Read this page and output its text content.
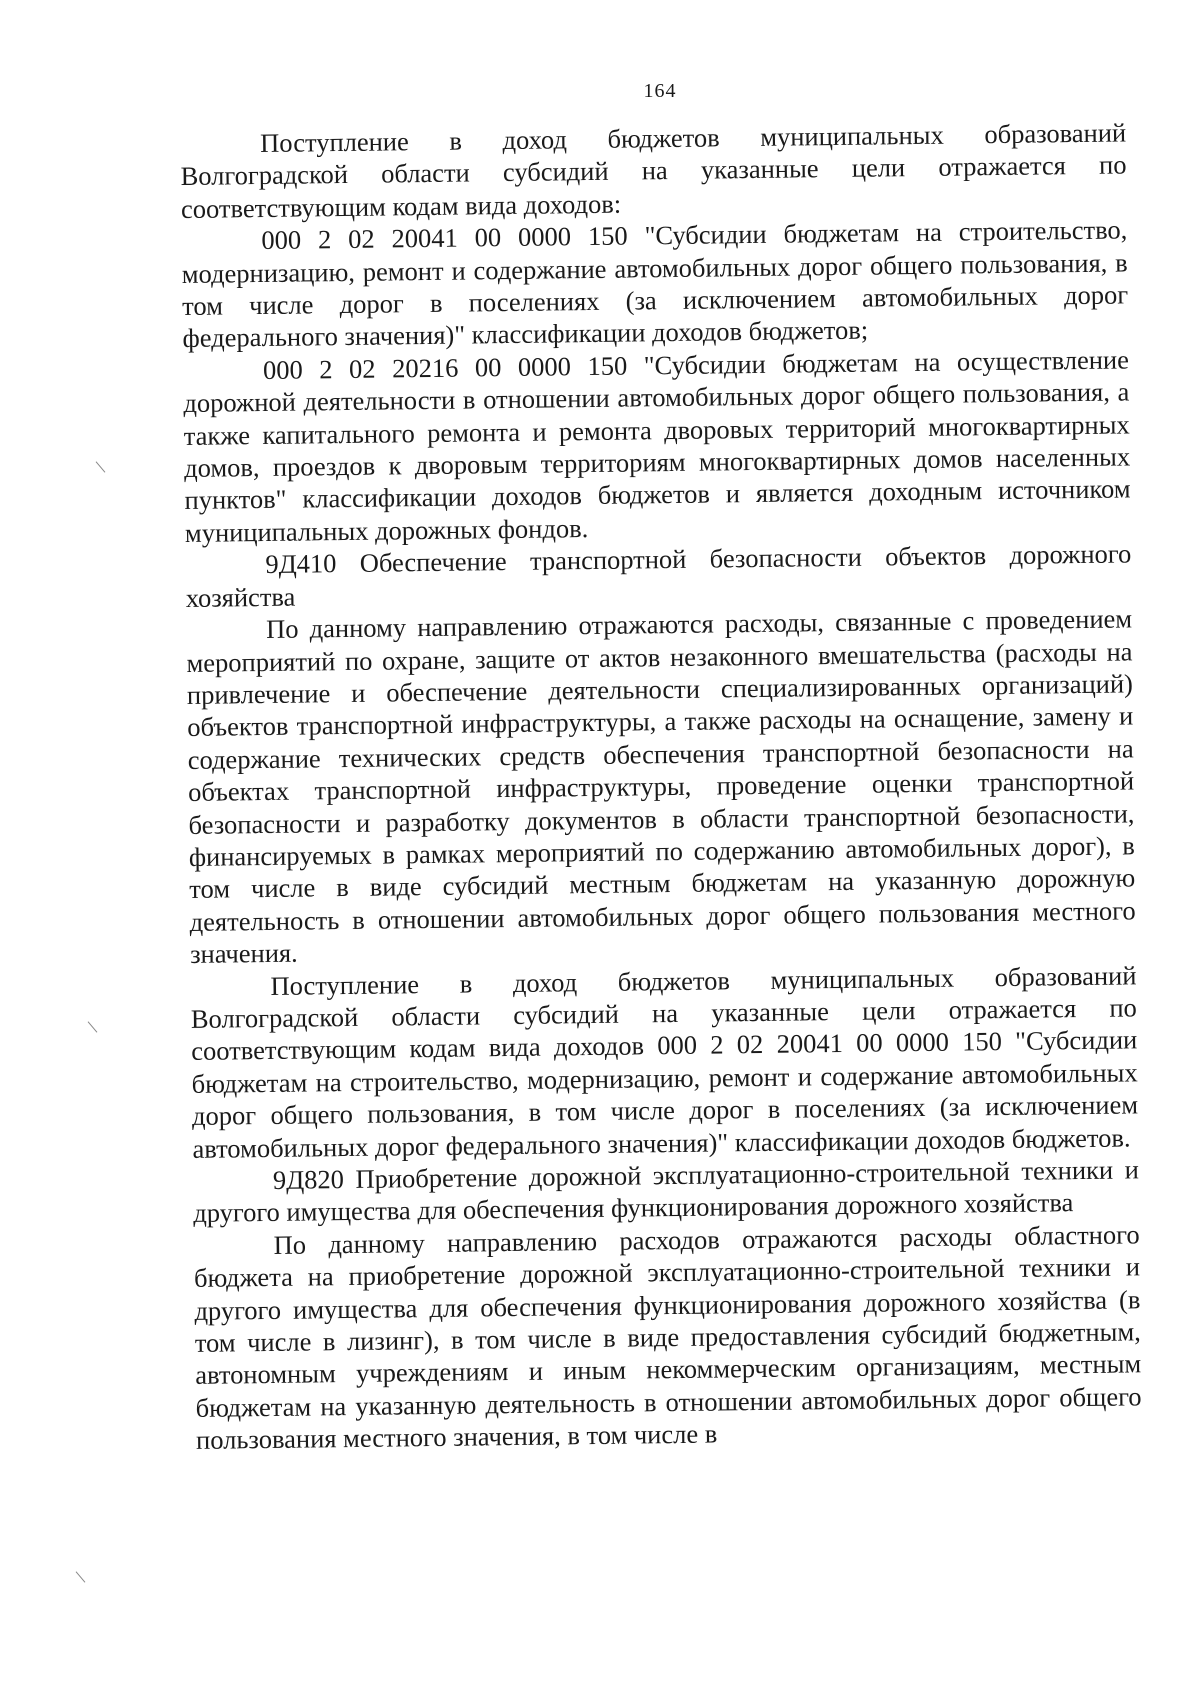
164

Поступление в доход бюджетов муниципальных образований Волгоградской области субсидий на указанные цели отражается по соответствующим кодам вида доходов:

000 2 02 20041 00 0000 150 "Субсидии бюджетам на строительство, модернизацию, ремонт и содержание автомобильных дорог общего пользования, в том числе дорог в поселениях (за исключением автомобильных дорог федерального значения)" классификации доходов бюджетов;

000 2 02 20216 00 0000 150 "Субсидии бюджетам на осуществление дорожной деятельности в отношении автомобильных дорог общего пользования, а также капитального ремонта и ремонта дворовых территорий многоквартирных домов, проездов к дворовым территориям многоквартирных домов населенных пунктов" классификации доходов бюджетов и является доходным источником муниципальных дорожных фондов.

9Д410 Обеспечение транспортной безопасности объектов дорожного хозяйства

По данному направлению отражаются расходы, связанные с проведением мероприятий по охране, защите от актов незаконного вмешательства (расходы на привлечение и обеспечение деятельности специализированных организаций) объектов транспортной инфраструктуры, а также расходы на оснащение, замену и содержание технических средств обеспечения транспортной безопасности на объектах транспортной инфраструктуры, проведение оценки транспортной безопасности и разработку документов в области транспортной безопасности, финансируемых в рамках мероприятий по содержанию автомобильных дорог), в том числе в виде субсидий местным бюджетам на указанную дорожную деятельность в отношении автомобильных дорог общего пользования местного значения.

Поступление в доход бюджетов муниципальных образований Волгоградской области субсидий на указанные цели отражается по соответствующим кодам вида доходов 000 2 02 20041 00 0000 150 "Субсидии бюджетам на строительство, модернизацию, ремонт и содержание автомобильных дорог общего пользования, в том числе дорог в поселениях (за исключением автомобильных дорог федерального значения)" классификации доходов бюджетов.

9Д820 Приобретение дорожной эксплуатационно-строительной техники и другого имущества для обеспечения функционирования дорожного хозяйства

По данному направлению расходов отражаются расходы областного бюджета на приобретение дорожной эксплуатационно-строительной техники и другого имущества для обеспечения функционирования дорожного хозяйства (в том числе в лизинг), в том числе в виде предоставления субсидий бюджетным, автономным учреждениям и иным некоммерческим организациям, местным бюджетам на указанную деятельность в отношении автомобильных дорог общего пользования местного значения, в том числе в
